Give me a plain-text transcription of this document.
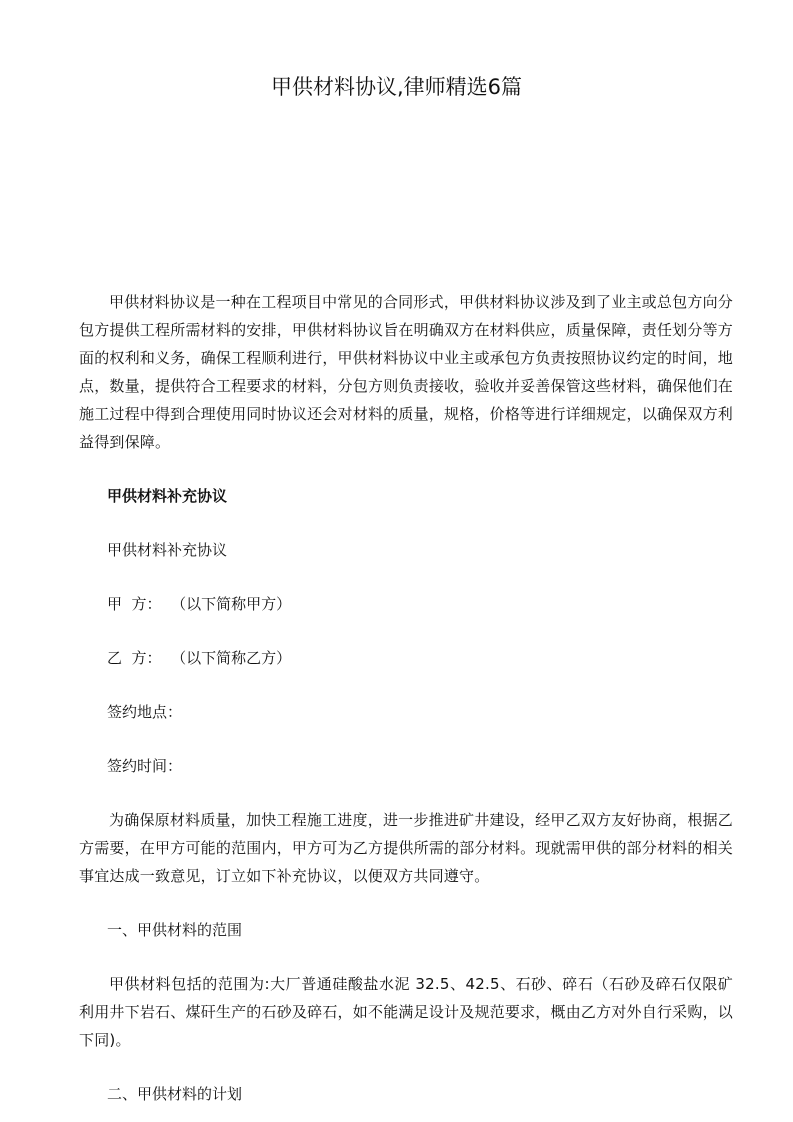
甲供材料协议,律师精选6篇

甲供材料协议是一种在工程项目中常见的合同形式，甲供材料协议涉及到了业主或总包方向分包方提供工程所需材料的安排，甲供材料协议旨在明确双方在材料供应，质量保障，责任划分等方面的权利和义务，确保工程顺利进行，甲供材料协议中业主或承包方负责按照协议约定的时间，地点，数量，提供符合工程要求的材料，分包方则负责接收，验收并妥善保管这些材料，确保他们在施工过程中得到合理使用同时协议还会对材料的质量，规格，价格等进行详细规定，以确保双方利益得到保障。

甲供材料补充协议

甲供材料补充协议

甲  方：  （以下简称甲方）

乙  方：  （以下简称乙方）

签约地点：

签约时间：

为确保原材料质量，加快工程施工进度，进一步推进矿井建设，经甲乙双方友好协商，根据乙方需要，在甲方可能的范围内，甲方可为乙方提供所需的部分材料。现就需甲供的部分材料的相关事宜达成一致意见，订立如下补充协议，以便双方共同遵守。

一、甲供材料的范围

甲供材料包括的范围为:大厂普通硅酸盐水泥 32.5、42.5、石砂、碎石（石砂及碎石仅限矿利用井下岩石、煤矸生产的石砂及碎石，如不能满足设计及规范要求，概由乙方对外自行采购，以下同)。

二、甲供材料的计划
